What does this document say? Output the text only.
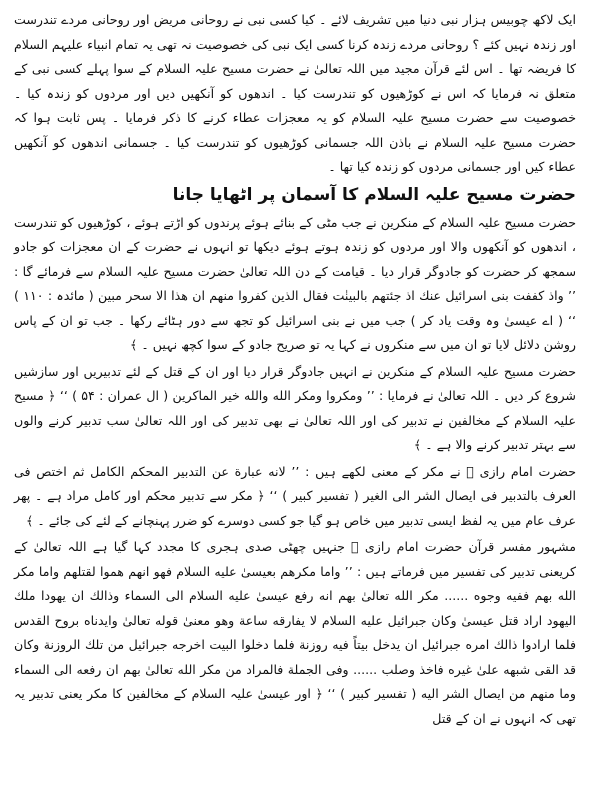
ایک لاکھ چوبیس ہزار نبی دنیا میں تشریف لائے ۔ کیا کسی نبی نے روحانی مریض اور روحانی مردے تندرست اور زندہ نہیں کئے ؟ روحانی مردے زندہ کرنا کسی ایک نبی کی خصوصیت نہ تھی یہ تمام انبیاء علیہم السلام کا فریضہ تھا ۔ اس لئے قرآن مجید میں اللہ تعالیٰ نے حضرت مسیح علیہ السلام کے سوا پہلے کسی نبی کے متعلق نہ فرمایا کہ اس نے کوڑھیوں کو تندرست کیا ۔ اندھوں کو آنکھیں دیں اور مردوں کو زندہ کیا ۔ خصوصیت سے حضرت مسیح علیہ السلام کو یہ معجزات عطاء کرنے کا ذکر فرمایا ۔ پس ثابت ہوا کہ حضرت مسیح علیہ السلام نے باذن اللہ جسمانی کوڑھیوں کو تندرست کیا ۔ جسمانی اندھوں کو آنکھیں عطاء کیں اور جسمانی مردوں کو زندہ کیا تھا ۔

حضرت مسیح علیہ السلام کا آسمان پر اٹھایا جانا

حضرت مسیح علیہ السلام کے منکرین نے جب مٹی کے بنائے ہوئے پرندوں کو اڑتے ہوئے ، کوڑھیوں کو تندرست ، اندھوں کو آنکھوں والا اور مردوں کو زندہ ہوتے ہوئے دیکھا تو انہوں نے حضرت کے ان معجزات کو جادو سمجھ کر حضرت کو جادوگر قرار دیا ۔ قیامت کے دن اللہ تعالیٰ حضرت مسیح علیہ السلام سے فرمائے گا : ’’ واذ كففت بنى اسرائيل عنك اذ جئتهم بالبينٰت فقال الذين كفروا منهم ان هذا الا سحر مبين ( مائدہ : ۱۱۰ ) ‘‘ ( اے عیسیٰ وہ وقت یاد کر ) جب میں نے بنی اسرائیل کو تجھ سے دور ہٹائے رکھا ۔ جب تو ان کے پاس روشن دلائل لایا تو ان میں سے منکروں نے کہا یہ تو صریح جادو کے سوا کچھ نہیں ۔ ﴾

حضرت مسیح علیہ السلام کے منکرین نے انہیں جادوگر قرار دیا اور ان کے قتل کے لئے تدبیریں اور سازشیں شروع کر دیں ۔ اللہ تعالیٰ نے فرمایا : ’’ ومكروا ومكر الله والله خير الماكرين ( ال عمران : ۵۴ ) ‘‘ ﴿ مسیح علیہ السلام کے مخالفین نے تدبیر کی اور اللہ تعالیٰ نے بھی تدبیر کی اور اللہ تعالیٰ سب تدبیر کرنے والوں سے بہتر تدبیر کرنے والا ہے ۔ ﴾

حضرت امام رازی ﷫ نے مکر کے معنی لکھے ہیں : ’’ لانه عبارة عن التدبير المحكم الكامل ثم اختص فى العرف بالتدبير فى ايصال الشر الى الغير ( تفسير كبير ) ‘‘ ﴿ مکر سے تدبیر محکم اور کامل مراد ہے ۔ پھر عرف عام میں یہ لفظ ایسی تدبیر میں خاص ہو گیا جو کسی دوسرے کو ضرر پہنچانے کے لئے کی جائے ۔ ﴾

مشہور مفسر قرآن حضرت امام رازی ﷫ جنہیں چھٹی صدی ہجری کا مجدد کہا گیا ہے اللہ تعالیٰ کے کریعنی تدبیر کی تفسیر میں فرماتے ہیں : ’’ واما مكرهم بعيسىٰ عليه السلام فهو انهم هموا لقتلهم واما مكر الله بهم ففيه وجوه ...... مكر الله تعالىٰ بهم انه رفع عيسىٰ عليه السلام الى السماء وذالك ان يهودا ملك اليهود اراد قتل عيسىٰ وكان جبرائيل عليه السلام لا يفارقه ساعة وهو معنىٰ قوله تعالىٰ وايدناه بروح القدس فلما ارادوا ذالك امره جبرائيل ان يدخل بيتاً فيه روزنة فلما دخلوا البيت اخرجه جبرائيل من تلك الروزنة وكان قد القى شبهه علىٰ غيره فاخذ وصلب ...... وفى الجملة فالمراد من مكر الله تعالىٰ بهم ان رفعه الى السماء وما منهم من ايصال الشر اليه ( تفسير كبير ) ‘‘ ﴿ اور عیسیٰ علیہ السلام کے مخالفین کا مکر یعنی تدبیر یہ تھی کہ انہوں نے ان کے قتل
